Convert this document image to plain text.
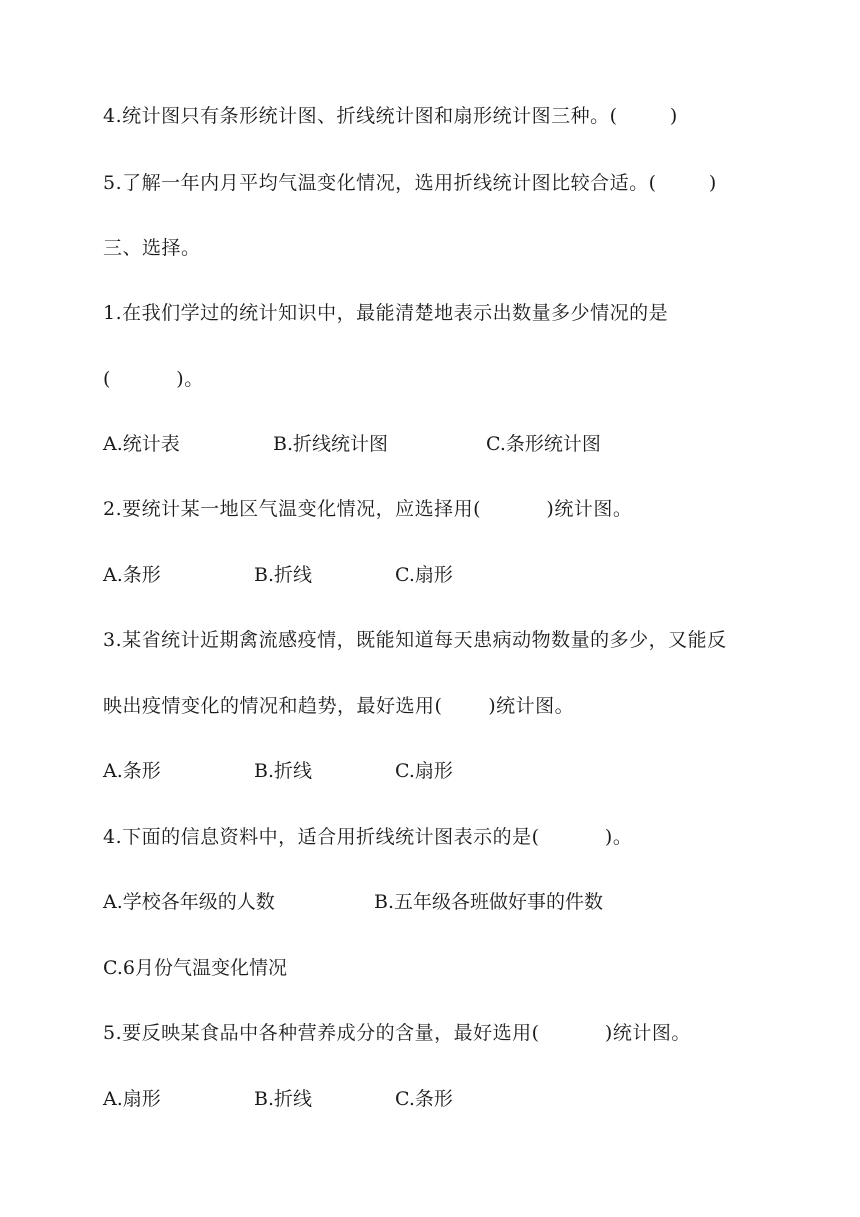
4.统计图只有条形统计图、折线统计图和扇形统计图三种。(        )
5.了解一年内月平均气温变化情况，选用折线统计图比较合适。(        )
三、选择。
1.在我们学过的统计知识中，最能清楚地表示出数量多少情况的是
(          )。

A.统计表

	B.折线统计图

	C.条形统计图

2.要统计某一地区气温变化情况，应选择用(          )统计图。

A.条形

	B.折线

	C.扇形

3.某省统计近期禽流感疫情，既能知道每天患病动物数量的多少，又能反
映出疫情变化的情况和趋势，最好选用(       )统计图。

A.条形

	B.折线

	C.扇形

4.下面的信息资料中，适合用折线统计图表示的是(          )。

A.学校各年级的人数

	B.五年级各班做好事的件数

C.6月份气温变化情况

5.要反映某食品中各种营养成分的含量，最好选用(          )统计图。

A.扇形

	B.折线

	C.条形
